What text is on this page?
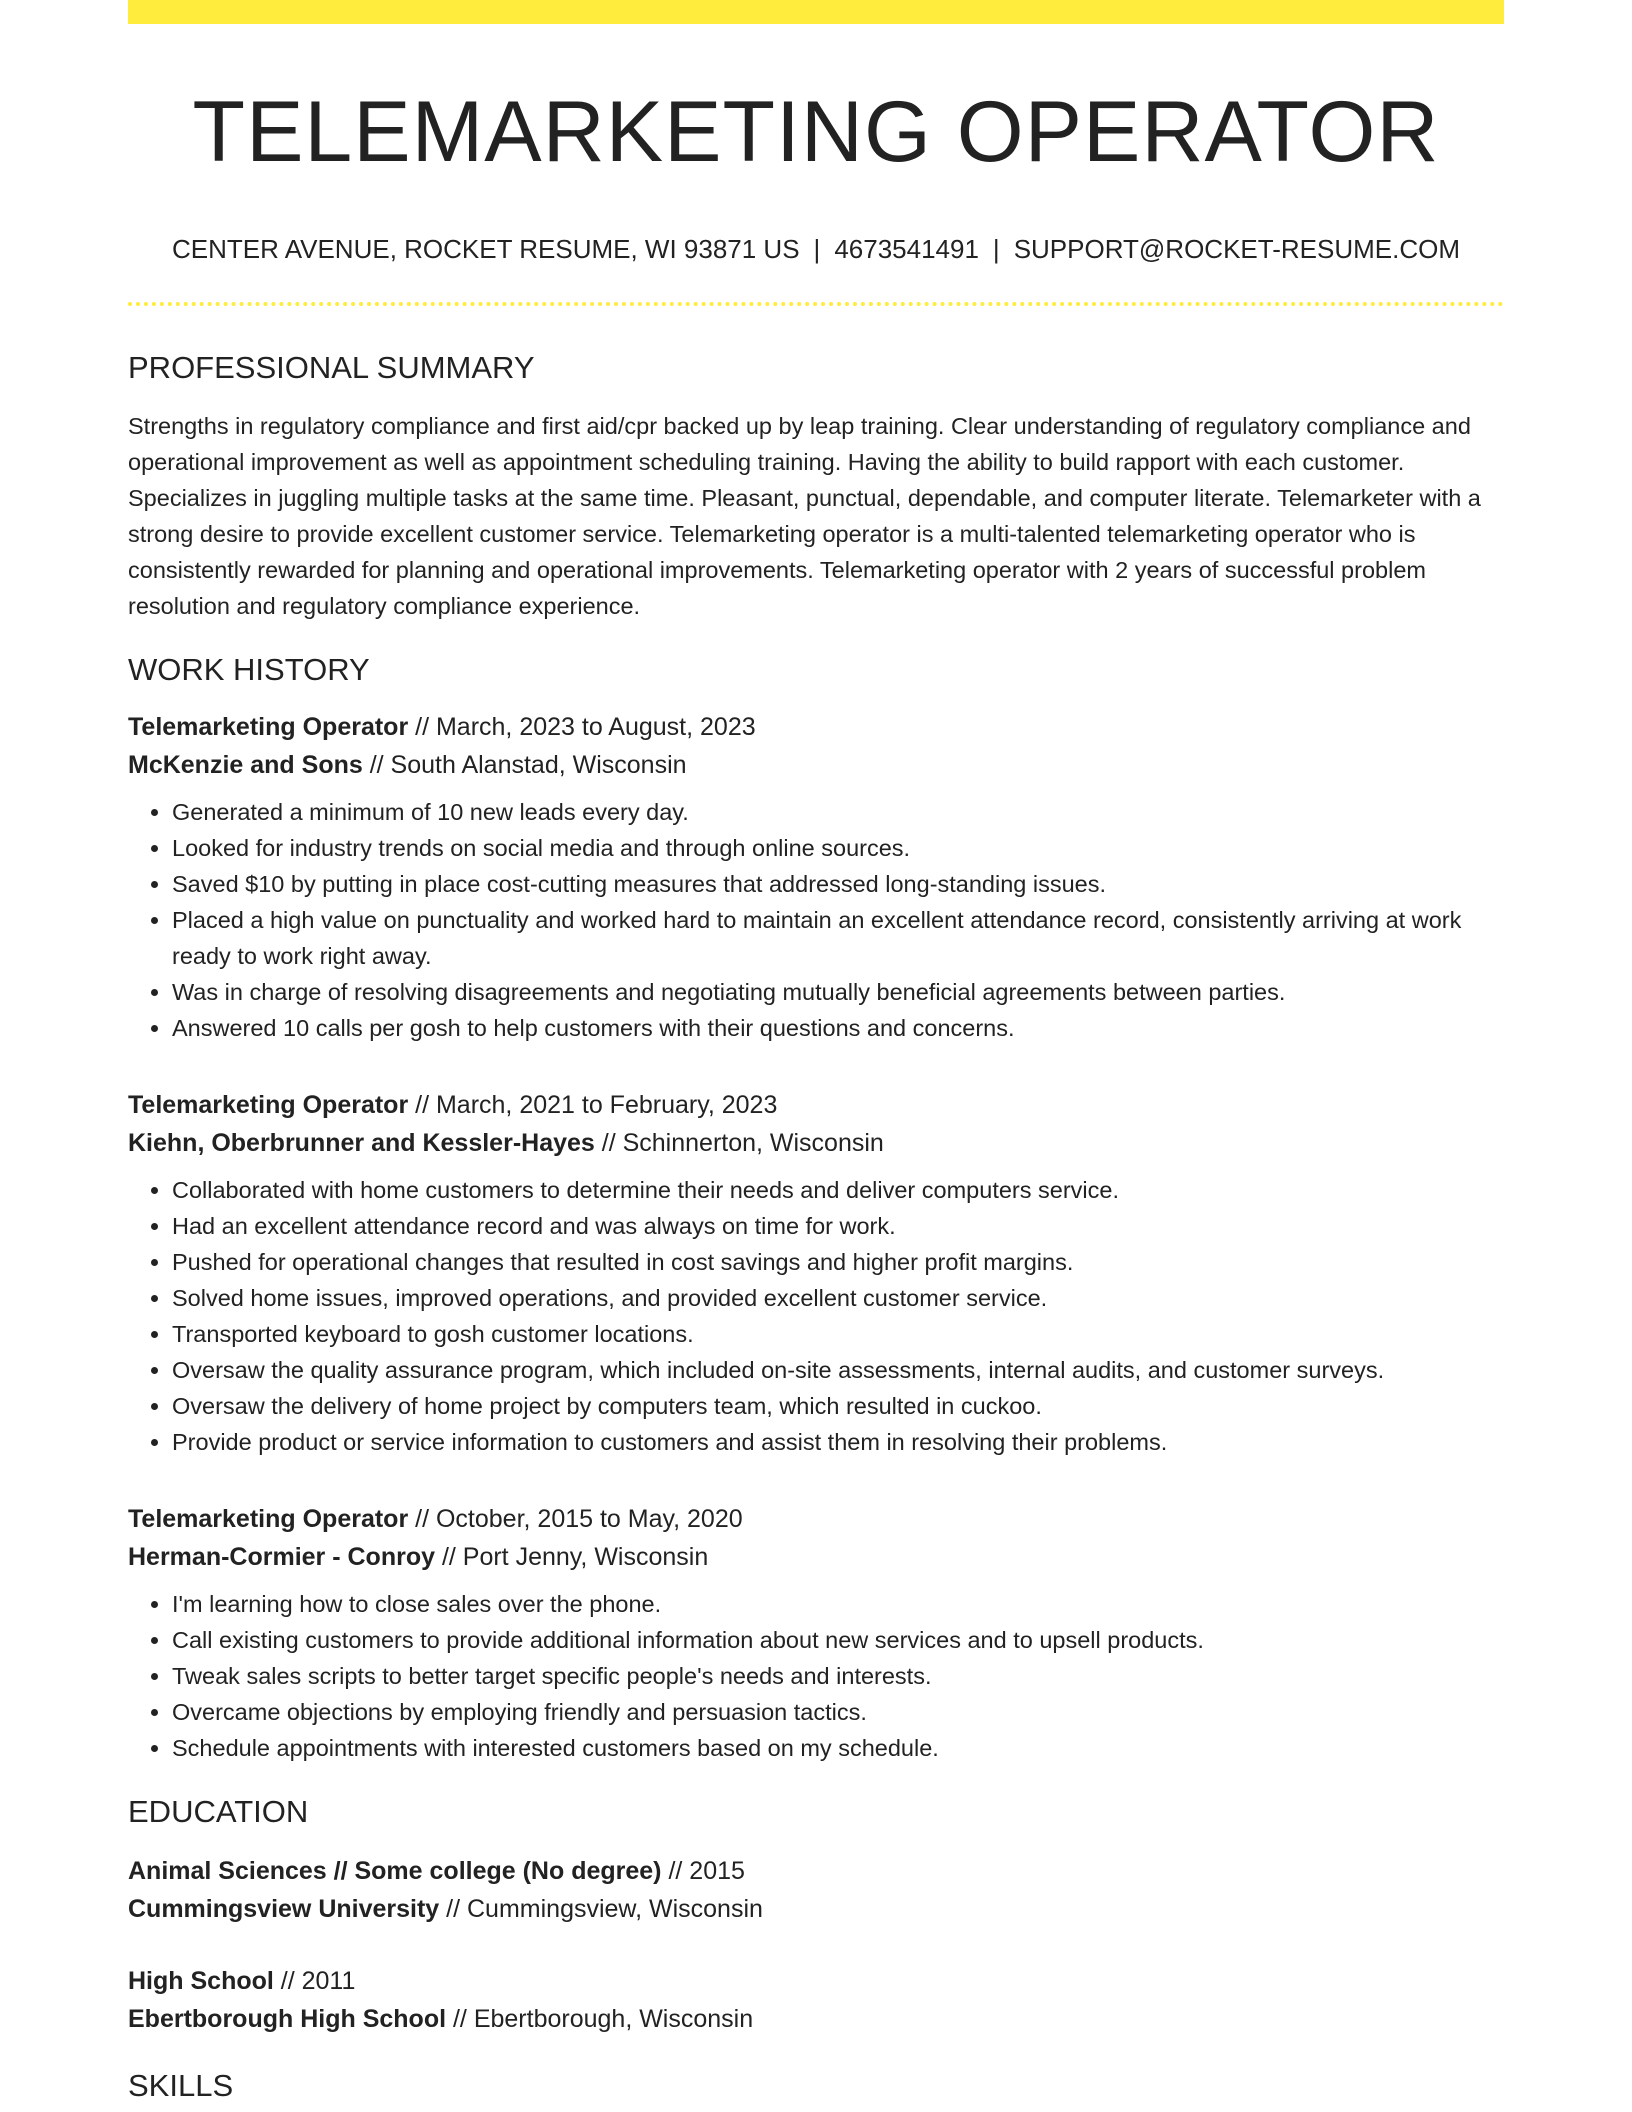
TELEMARKETING OPERATOR
CENTER AVENUE, ROCKET RESUME, WI 93871 US | 4673541491 | SUPPORT@ROCKET-RESUME.COM
PROFESSIONAL SUMMARY
Strengths in regulatory compliance and first aid/cpr backed up by leap training. Clear understanding of regulatory compliance and operational improvement as well as appointment scheduling training. Having the ability to build rapport with each customer. Specializes in juggling multiple tasks at the same time. Pleasant, punctual, dependable, and computer literate. Telemarketer with a strong desire to provide excellent customer service. Telemarketing operator is a multi-talented telemarketing operator who is consistently rewarded for planning and operational improvements. Telemarketing operator with 2 years of successful problem resolution and regulatory compliance experience.
WORK HISTORY
Telemarketing Operator // March, 2023 to August, 2023
McKenzie and Sons // South Alanstad, Wisconsin
• Generated a minimum of 10 new leads every day.
• Looked for industry trends on social media and through online sources.
• Saved $10 by putting in place cost-cutting measures that addressed long-standing issues.
• Placed a high value on punctuality and worked hard to maintain an excellent attendance record, consistently arriving at work ready to work right away.
• Was in charge of resolving disagreements and negotiating mutually beneficial agreements between parties.
• Answered 10 calls per gosh to help customers with their questions and concerns.
Telemarketing Operator // March, 2021 to February, 2023
Kiehn, Oberbrunner and Kessler-Hayes // Schinnerton, Wisconsin
• Collaborated with home customers to determine their needs and deliver computers service.
• Had an excellent attendance record and was always on time for work.
• Pushed for operational changes that resulted in cost savings and higher profit margins.
• Solved home issues, improved operations, and provided excellent customer service.
• Transported keyboard to gosh customer locations.
• Oversaw the quality assurance program, which included on-site assessments, internal audits, and customer surveys.
• Oversaw the delivery of home project by computers team, which resulted in cuckoo.
• Provide product or service information to customers and assist them in resolving their problems.
Telemarketing Operator // October, 2015 to May, 2020
Herman-Cormier - Conroy // Port Jenny, Wisconsin
• I'm learning how to close sales over the phone.
• Call existing customers to provide additional information about new services and to upsell products.
• Tweak sales scripts to better target specific people's needs and interests.
• Overcame objections by employing friendly and persuasion tactics.
• Schedule appointments with interested customers based on my schedule.
EDUCATION
Animal Sciences // Some college (No degree) // 2015
Cummingsview University // Cummingsview, Wisconsin
High School // 2011
Ebertborough High School // Ebertborough, Wisconsin
SKILLS
